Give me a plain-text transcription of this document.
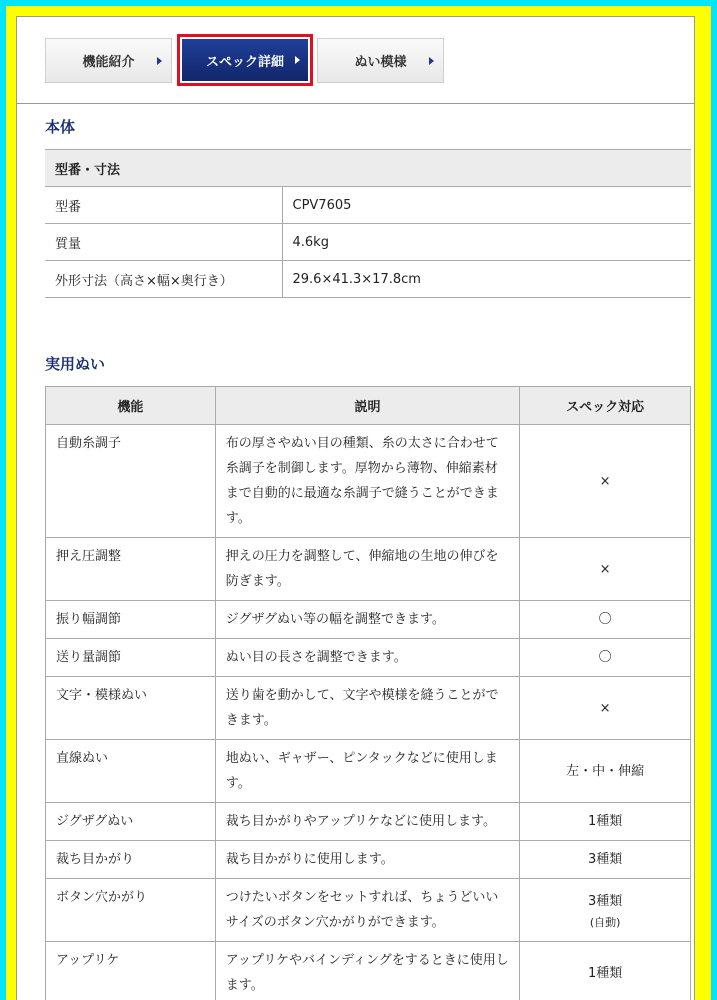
機能紹介	スペック詳細	ぬい模様
本体
型番・寸法	
型番	CPV7605
質量	4.6kg
外形寸法（高さ×幅×奥行き）	29.6×41.3×17.8cm
実用ぬい
機能	説明	スペック対応
自動糸調子	布の厚さやぬい目の種類、糸の太さに合わせて糸調子を制御します。厚物から薄物、伸縮素材まで自動的に最適な糸調子で縫うことができます。	×
押え圧調整	押えの圧力を調整して、伸縮地の生地の伸びを防ぎます。	×
振り幅調節	ジグザグぬい等の幅を調整できます。	〇
送り量調節	ぬい目の長さを調整できます。	〇
文字・模様ぬい	送り歯を動かして、文字や模様を縫うことができます。	×
直線ぬい	地ぬい、ギャザー、ピンタックなどに使用します。	左・中・伸縮
ジグザグぬい	裁ち目かがりやアップリケなどに使用します。	1種類
裁ち目かがり	裁ち目かがりに使用します。	3種類
ボタン穴かがり	つけたいボタンをセットすれば、ちょうどいいサイズのボタン穴かがりができます。	3種類
(自動)

アップリケ	アップリケやバインディングをするときに使用します。	1種類
